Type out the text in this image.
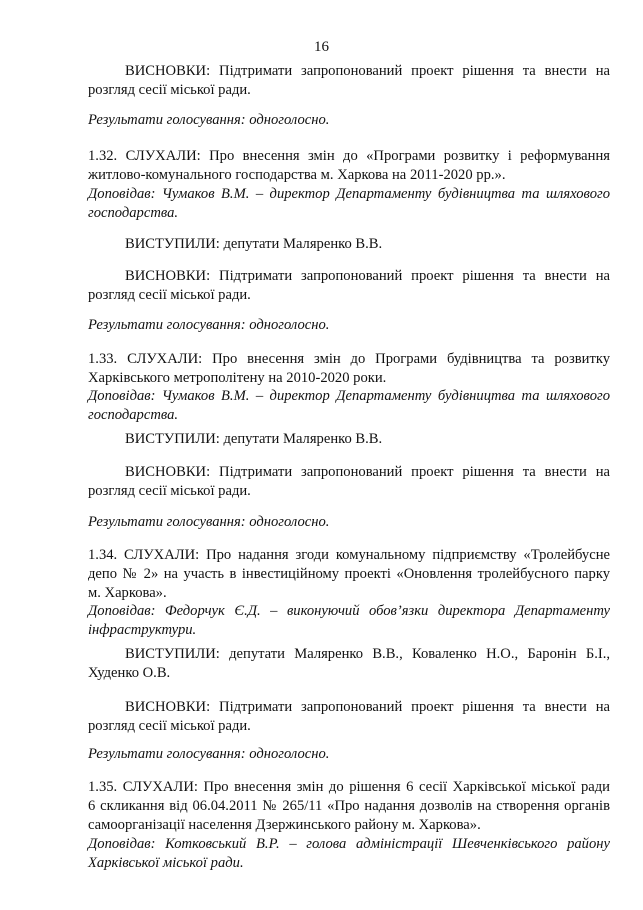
16
ВИСНОВКИ: Підтримати запропонований проект рішення та внести на
розгляд сесії міської ради.
Результати голосування: одноголосно.
1.32. СЛУХАЛИ: Про внесення змін до «Програми розвитку і реформування
житлово-комунального господарства м. Харкова на 2011-2020 рр.».
Доповідав: Чумаков В.М. – директор Департаменту будівництва та шляхового
господарства.
ВИСТУПИЛИ: депутати Маляренко В.В.
ВИСНОВКИ: Підтримати запропонований проект рішення та внести на
розгляд сесії міської ради.
Результати голосування: одноголосно.
1.33. СЛУХАЛИ: Про внесення змін до Програми будівництва та розвитку
Харківського метрополітену на 2010-2020 роки.
Доповідав: Чумаков В.М. – директор Департаменту будівництва та шляхового
господарства.
ВИСТУПИЛИ: депутати Маляренко В.В.
ВИСНОВКИ: Підтримати запропонований проект рішення та внести на
розгляд сесії міської ради.
Результати голосування: одноголосно.
1.34. СЛУХАЛИ: Про надання згоди комунальному підприємству «Тролейбусне
депо № 2» на участь в інвестиційному проекті «Оновлення тролейбусного парку
м. Харкова».
Доповідав: Федорчук Є.Д. – виконуючий обов’язки директора Департаменту
інфраструктури.
ВИСТУПИЛИ: депутати Маляренко В.В., Коваленко Н.О., Баронін Б.І.,
Худенко О.В.
ВИСНОВКИ: Підтримати запропонований проект рішення та внести на
розгляд сесії міської ради.
Результати голосування: одноголосно.
1.35. СЛУХАЛИ: Про внесення змін до рішення 6 сесії Харківської міської ради
6 скликання від 06.04.2011 № 265/11 «Про надання дозволів на створення органів
самоорганізації населення Дзержинського району м. Харкова».
Доповідав: Котковський В.Р. – голова адміністрації Шевченківського району
Харківської міської ради.
